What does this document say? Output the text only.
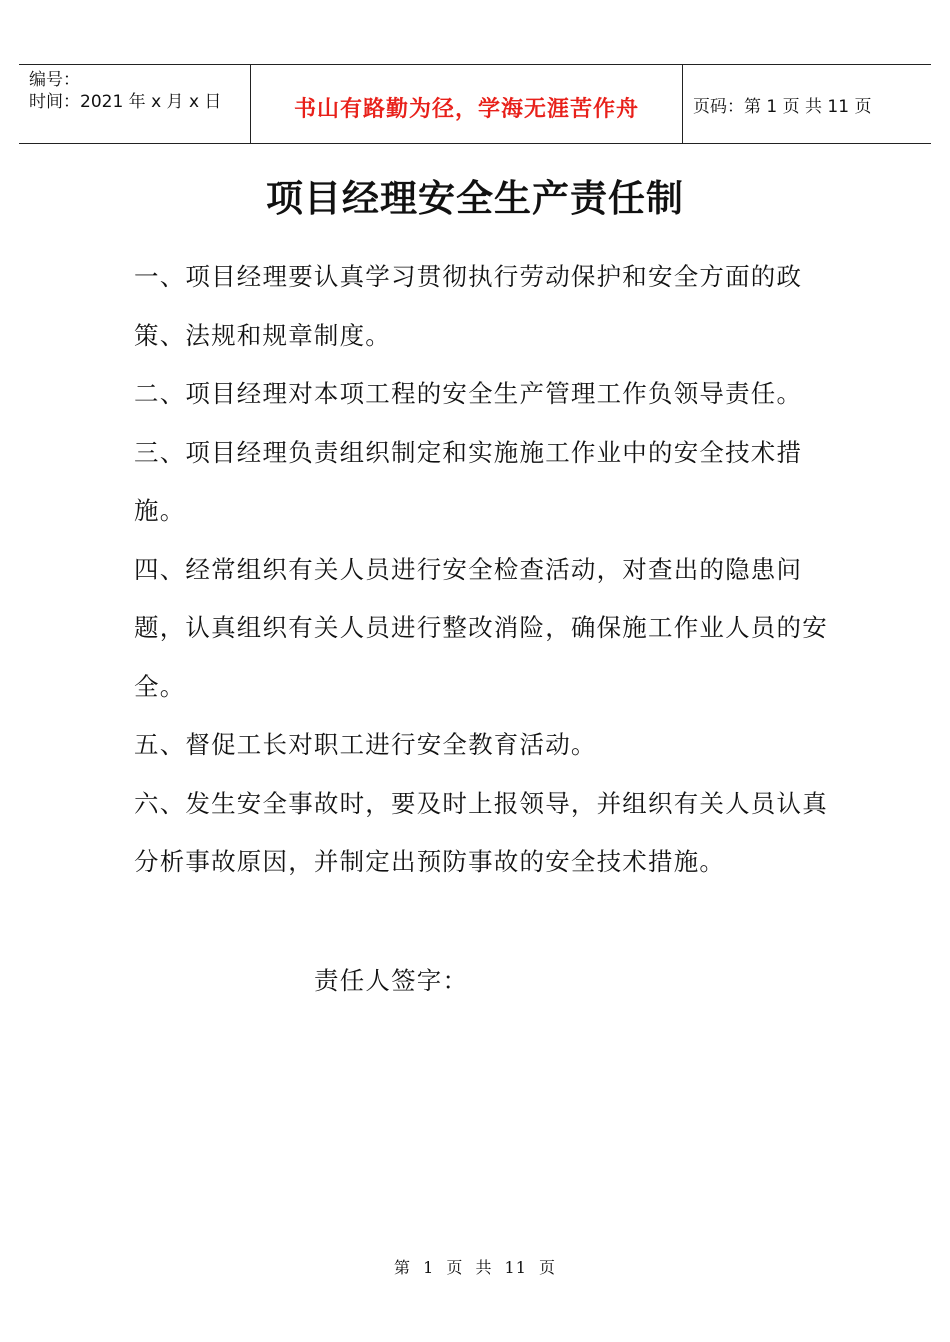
编号：
时间：2021 年 x 月 x 日	书山有路勤为径，学海无涯苦作舟	页码：第 1 页 共 11 页
项目经理安全生产责任制

一、项目经理要认真学习贯彻执行劳动保护和安全方面的政策、法规和规章制度。

二、项目经理对本项工程的安全生产管理工作负领导责任。

三、项目经理负责组织制定和实施施工作业中的安全技术措施。

四、经常组织有关人员进行安全检查活动，对查出的隐患问题，认真组织有关人员进行整改消险，确保施工作业人员的安全。

五、督促工长对职工进行安全教育活动。

六、发生安全事故时，要及时上报领导，并组织有关人员认真分析事故原因，并制定出预防事故的安全技术措施。

责任人签字：
第 1 页 共 11 页
